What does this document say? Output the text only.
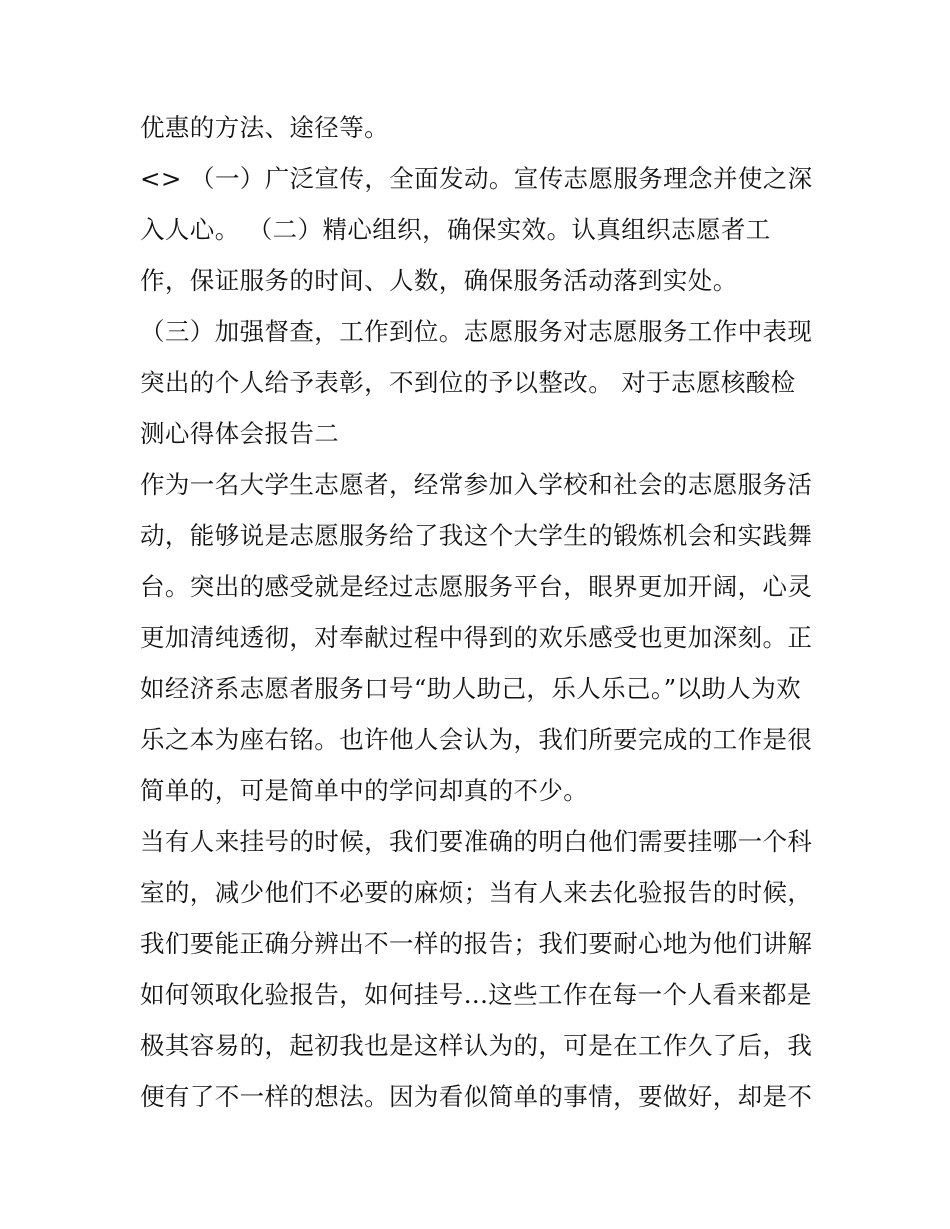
优惠的方法、途径等。
<> （一）广泛宣传，全面发动。宣传志愿服务理念并使之深
入人心。 （二）精心组织，确保实效。认真组织志愿者工
作，保证服务的时间、人数，确保服务活动落到实处。
（三）加强督查，工作到位。志愿服务对志愿服务工作中表现
突出的个人给予表彰，不到位的予以整改。 对于志愿核酸检
测心得体会报告二
作为一名大学生志愿者，经常参加入学校和社会的志愿服务活
动，能够说是志愿服务给了我这个大学生的锻炼机会和实践舞
台。突出的感受就是经过志愿服务平台，眼界更加开阔，心灵
更加清纯透彻，对奉献过程中得到的欢乐感受也更加深刻。正
如经济系志愿者服务口号“助人助己，乐人乐己。”以助人为欢
乐之本为座右铭。也许他人会认为，我们所要完成的工作是很
简单的，可是简单中的学问却真的不少。
当有人来挂号的时候，我们要准确的明白他们需要挂哪一个科
室的，减少他们不必要的麻烦；当有人来去化验报告的时候，
我们要能正确分辨出不一样的报告；我们要耐心地为他们讲解
如何领取化验报告，如何挂号...这些工作在每一个人看来都是
极其容易的，起初我也是这样认为的，可是在工作久了后，我
便有了不一样的想法。因为看似简单的事情，要做好，却是不
